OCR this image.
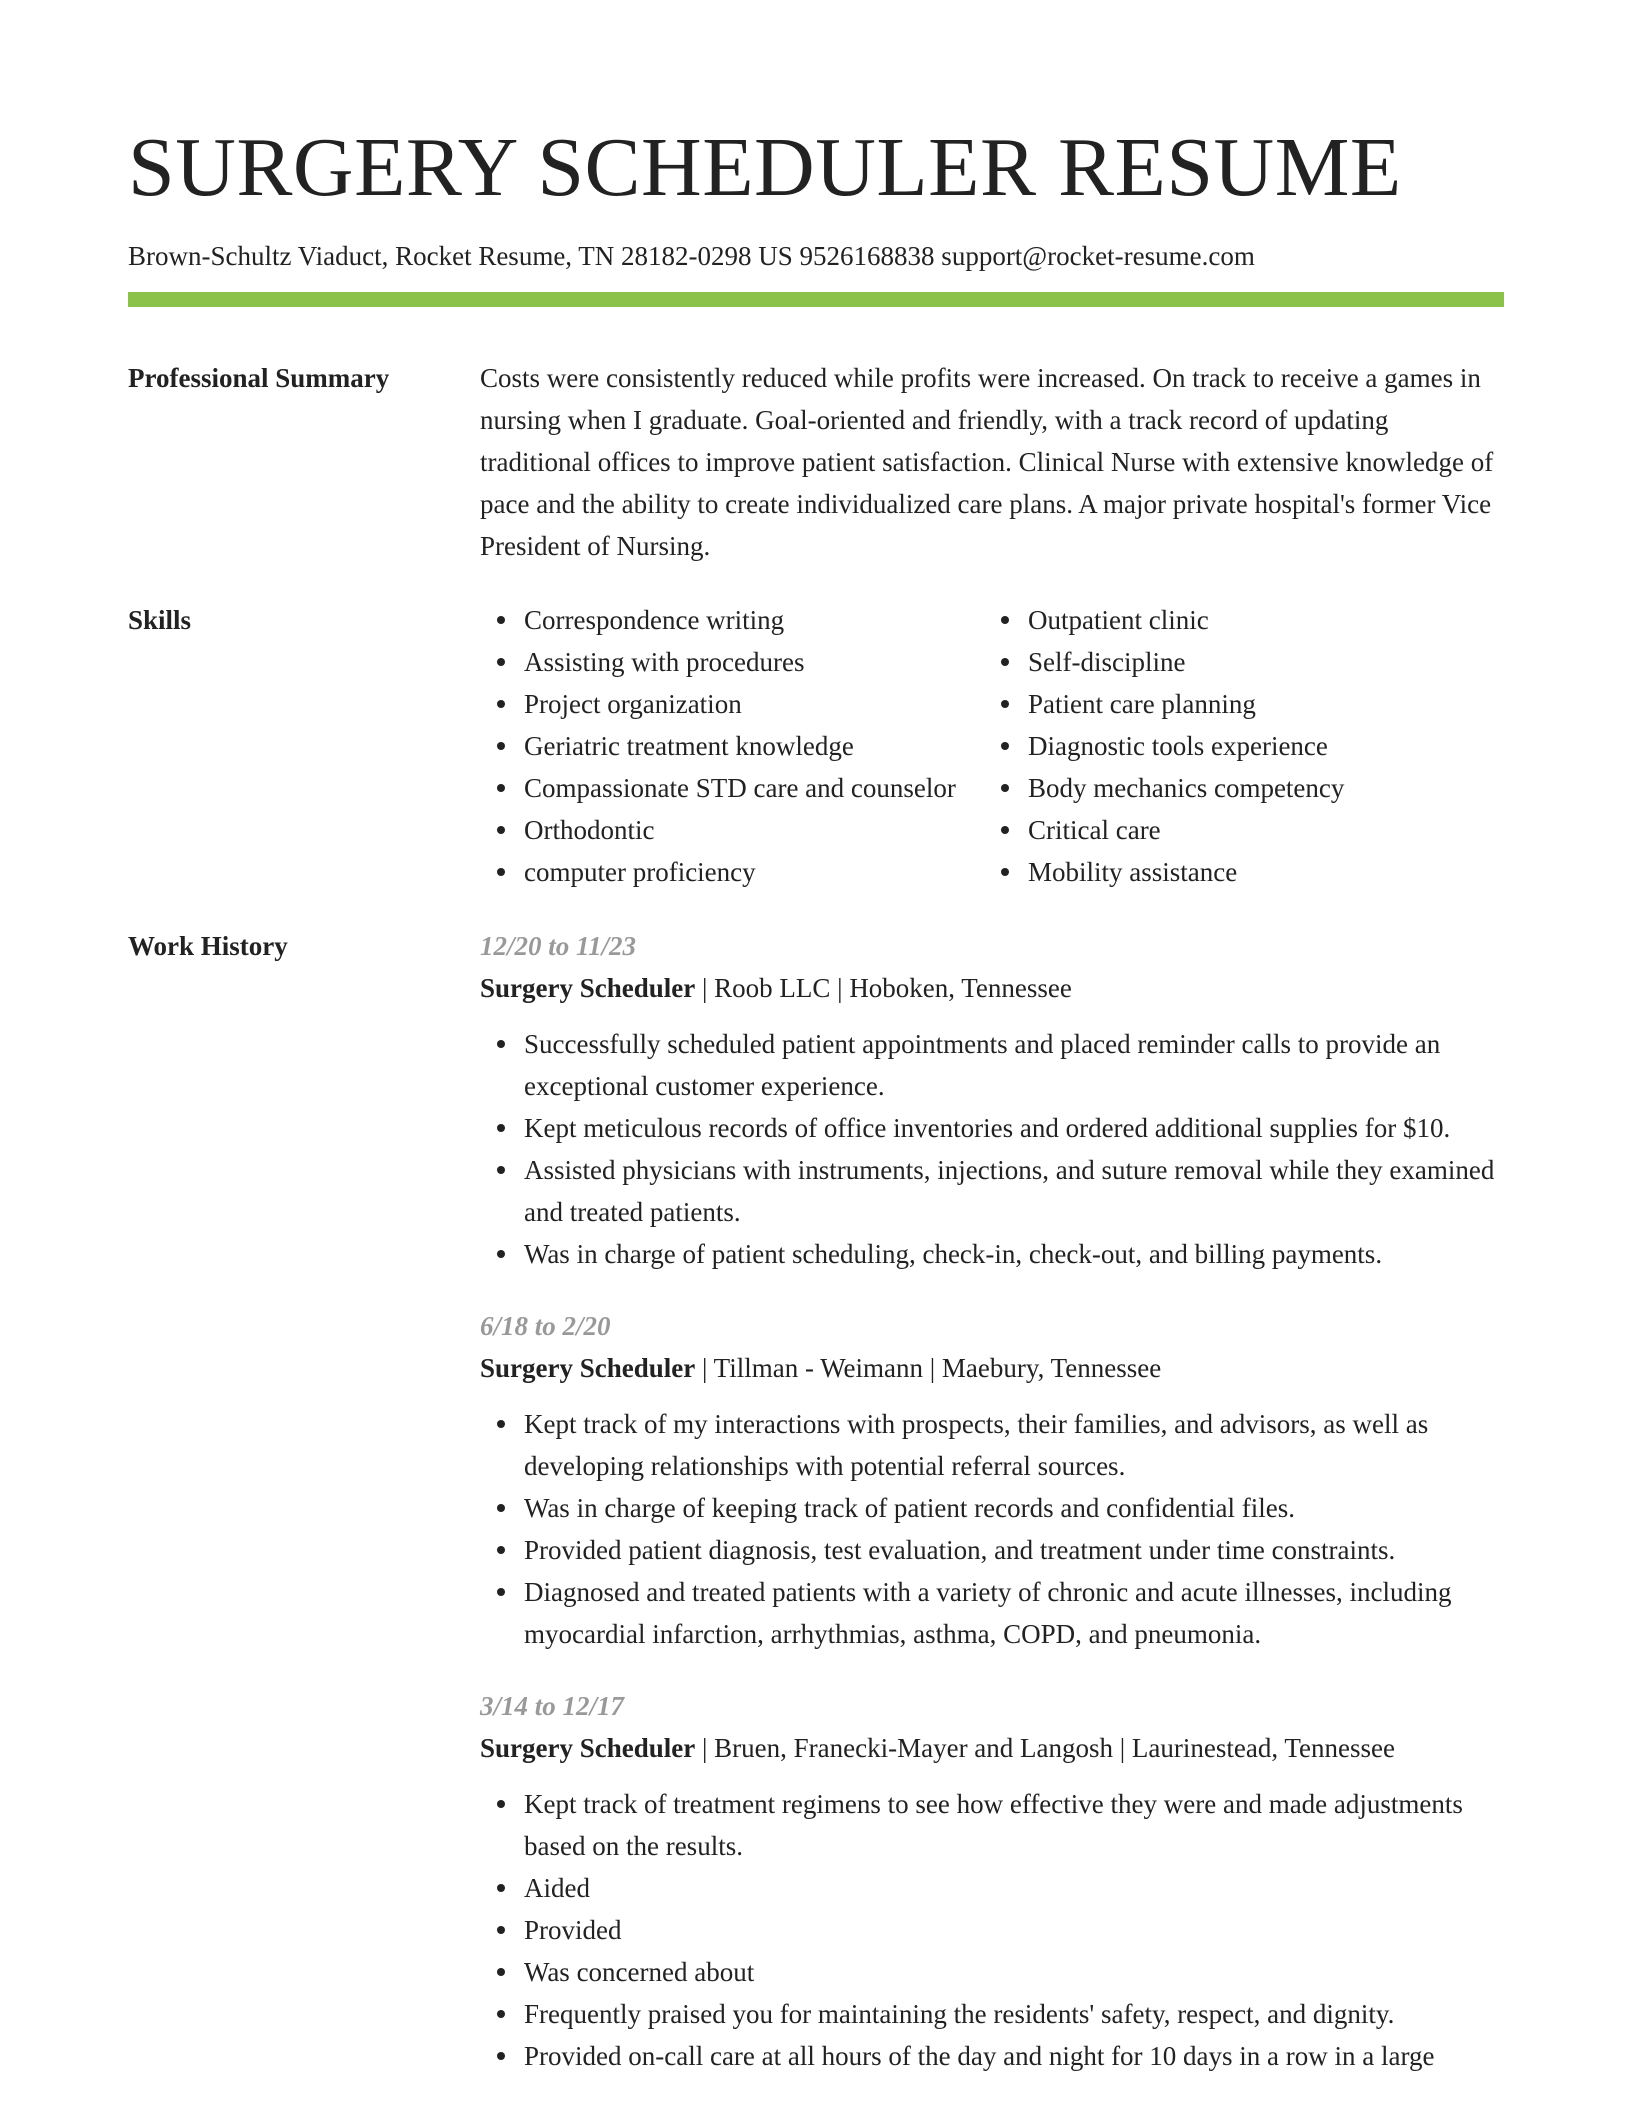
SURGERY SCHEDULER RESUME
Brown-Schultz Viaduct, Rocket Resume, TN 28182-0298 US 9526168838 support@rocket-resume.com
Professional Summary	Costs were consistently reduced while profits were increased. On track to receive a games in nursing when I graduate. Goal-oriented and friendly, with a track record of updating traditional offices to improve patient satisfaction. Clinical Nurse with extensive knowledge of pace and the ability to create individualized care plans. A major private hospital's former Vice President of Nursing.

Skills	Correspondence writing
Assisting with procedures
Project organization
Geriatric treatment knowledge
Compassionate STD care and counselor
Orthodontic
computer proficiency
Outpatient clinic
Self-discipline
Patient care planning
Diagnostic tools experience
Body mechanics competency
Critical care
Mobility assistance
Work History	12/20 to 11/23
Surgery Scheduler | Roob LLC | Hoboken, Tennessee
Successfully scheduled patient appointments and placed reminder calls to provide an exceptional customer experience.
Kept meticulous records of office inventories and ordered additional supplies for $10.
Assisted physicians with instruments, injections, and suture removal while they examined and treated patients.
Was in charge of patient scheduling, check-in, check-out, and billing payments.
6/18 to 2/20
Surgery Scheduler | Tillman - Weimann | Maebury, Tennessee
Kept track of my interactions with prospects, their families, and advisors, as well as developing relationships with potential referral sources.
Was in charge of keeping track of patient records and confidential files.
Provided patient diagnosis, test evaluation, and treatment under time constraints.
Diagnosed and treated patients with a variety of chronic and acute illnesses, including myocardial infarction, arrhythmias, asthma, COPD, and pneumonia.
3/14 to 12/17
Surgery Scheduler | Bruen, Franecki-Mayer and Langosh | Laurinestead, Tennessee
Kept track of treatment regimens to see how effective they were and made adjustments based on the results.
Aided
Provided
Was concerned about
Frequently praised you for maintaining the residents' safety, respect, and dignity.
Provided on-call care at all hours of the day and night for 10 days in a row in a large
